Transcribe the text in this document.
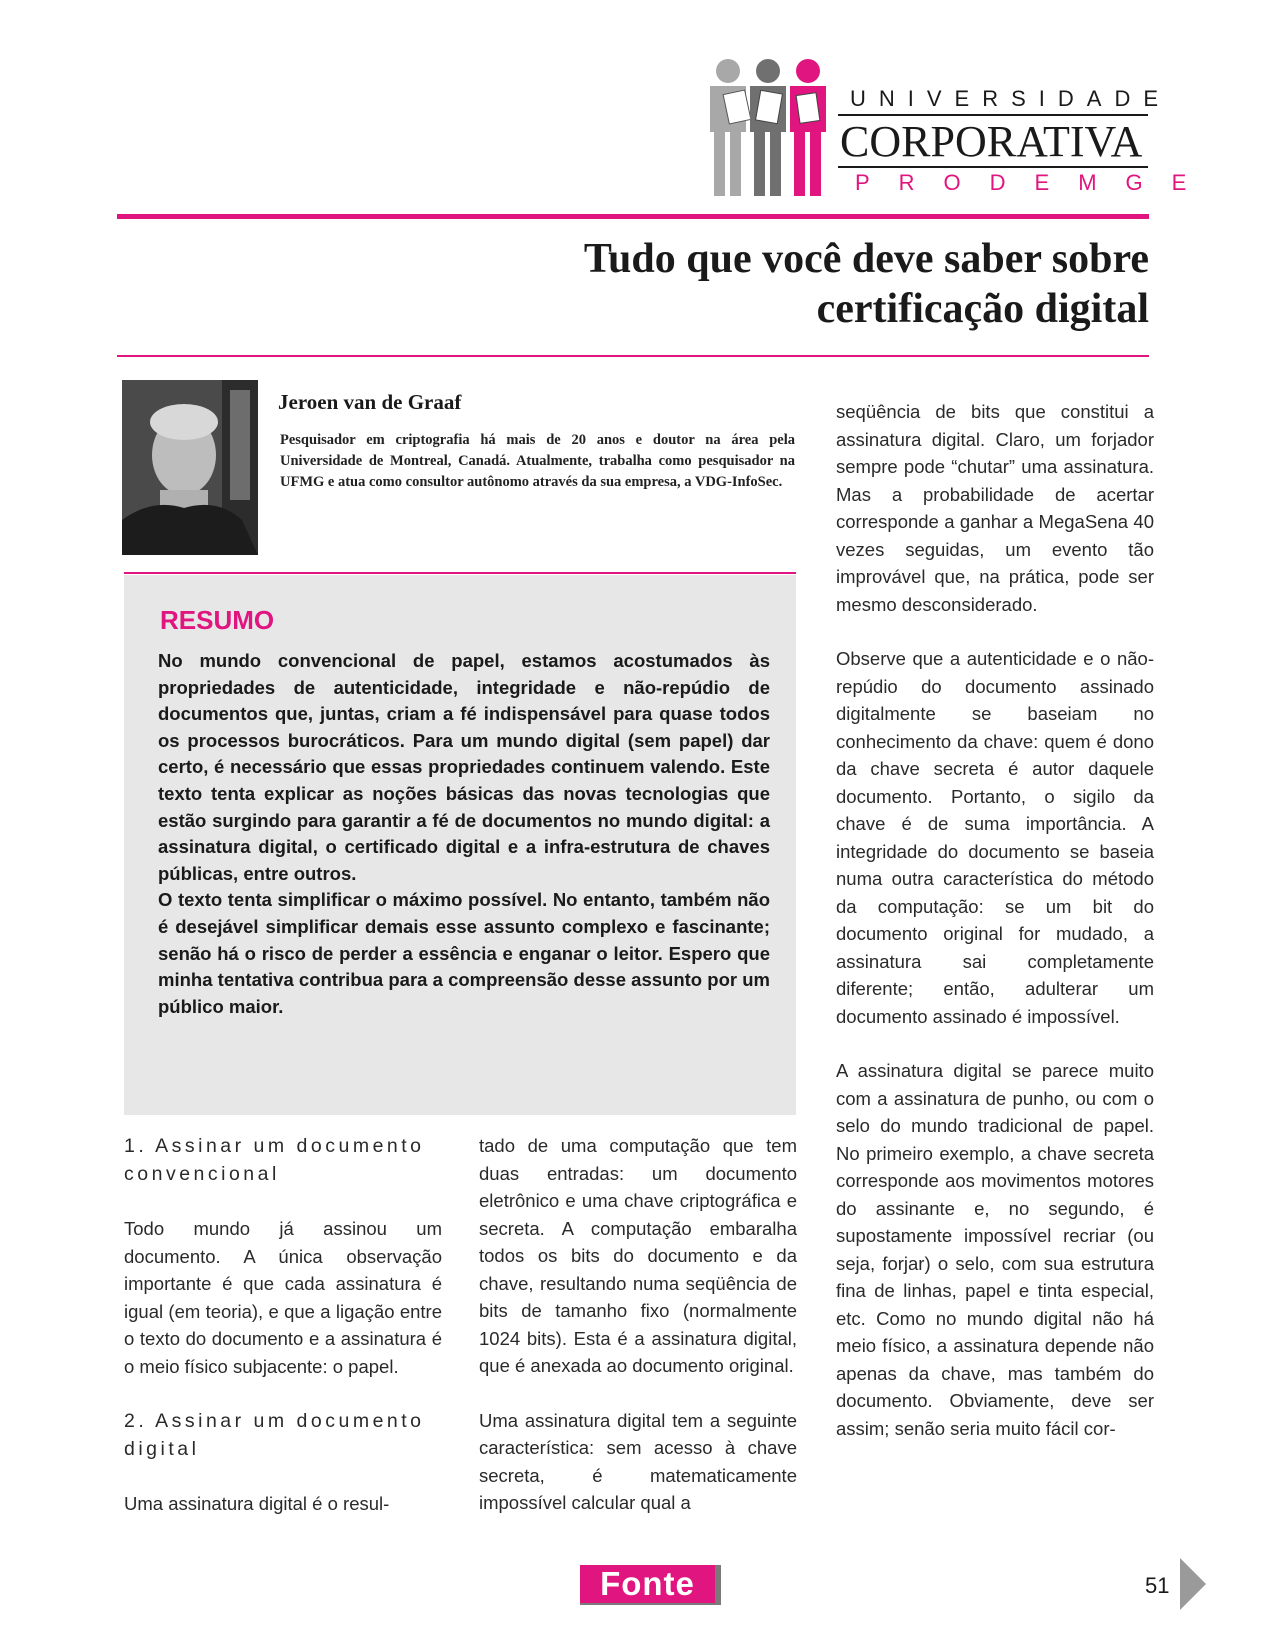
UNIVERSIDADE
CORPORATIVA
PRODEMGE
Tudo que você deve saber sobre
certificação digital
Jeroen van de Graaf
Pesquisador em criptografia há mais de 20 anos e doutor na área pela Universidade de Montreal, Canadá. Atualmente, trabalha como pesquisador na UFMG e atua como consultor autônomo através da sua empresa, a VDG-InfoSec.
RESUMO

No mundo convencional de papel, estamos acostumados às propriedades de autenticidade, integridade e não-repúdio de documentos que, juntas, criam a fé indispensável para quase todos os processos burocráticos. Para um mundo digital (sem papel) dar certo, é necessário que essas propriedades continuem valendo. Este texto tenta explicar as noções básicas das novas tecnologias que estão surgindo para garantir a fé de documentos no mundo digital: a assinatura digital, o certificado digital e a infra-estrutura de chaves públicas, entre outros.

O texto tenta simplificar o máximo possível. No entanto, também não é desejável simplificar demais esse assunto complexo e fascinante; senão há o risco de perder a essência e enganar o leitor. Espero que minha tentativa contribua para a compreensão desse assunto por um público maior.

1. Assinar um documento convencional

Todo mundo já assinou um documento. A única observação importante é que cada assinatura é igual (em teoria), e que a ligação entre o texto do documento e a assinatura é o meio físico subjacente: o papel.

2. Assinar um documento digital

Uma assinatura digital é o resul-

tado de uma computação que tem duas entradas: um documento eletrônico e uma chave criptográfica e secreta. A computação embaralha todos os bits do documento e da chave, resultando numa seqüência de bits de tamanho fixo (normalmente 1024 bits). Esta é a assinatura digital, que é anexada ao documento original.

Uma assinatura digital tem a seguinte característica: sem acesso à chave secreta, é matematicamente impossível calcular qual a

seqüência de bits que constitui a assinatura digital. Claro, um forjador sempre pode “chutar” uma assinatura. Mas a probabilidade de acertar corresponde a ganhar a MegaSena 40 vezes seguidas, um evento tão improvável que, na prática, pode ser mesmo desconsiderado.

Observe que a autenticidade e o não-repúdio do documento assinado digitalmente se baseiam no conhecimento da chave: quem é dono da chave secreta é autor daquele documento. Portanto, o sigilo da chave é de suma importância. A integridade do documento se baseia numa outra característica do método da computação: se um bit do documento original for mudado, a assinatura sai completamente diferente; então, adulterar um documento assinado é impossível.

A assinatura digital se parece muito com a assinatura de punho, ou com o selo do mundo tradicional de papel. No primeiro exemplo, a chave secreta corresponde aos movimentos motores do assinante e, no segundo, é supostamente impossível recriar (ou seja, forjar) o selo, com sua estrutura fina de linhas, papel e tinta especial, etc. Como no mundo digital não há meio físico, a assinatura depende não apenas da chave, mas também do documento. Obviamente, deve ser assim; senão seria muito fácil cor-

Fonte	51
